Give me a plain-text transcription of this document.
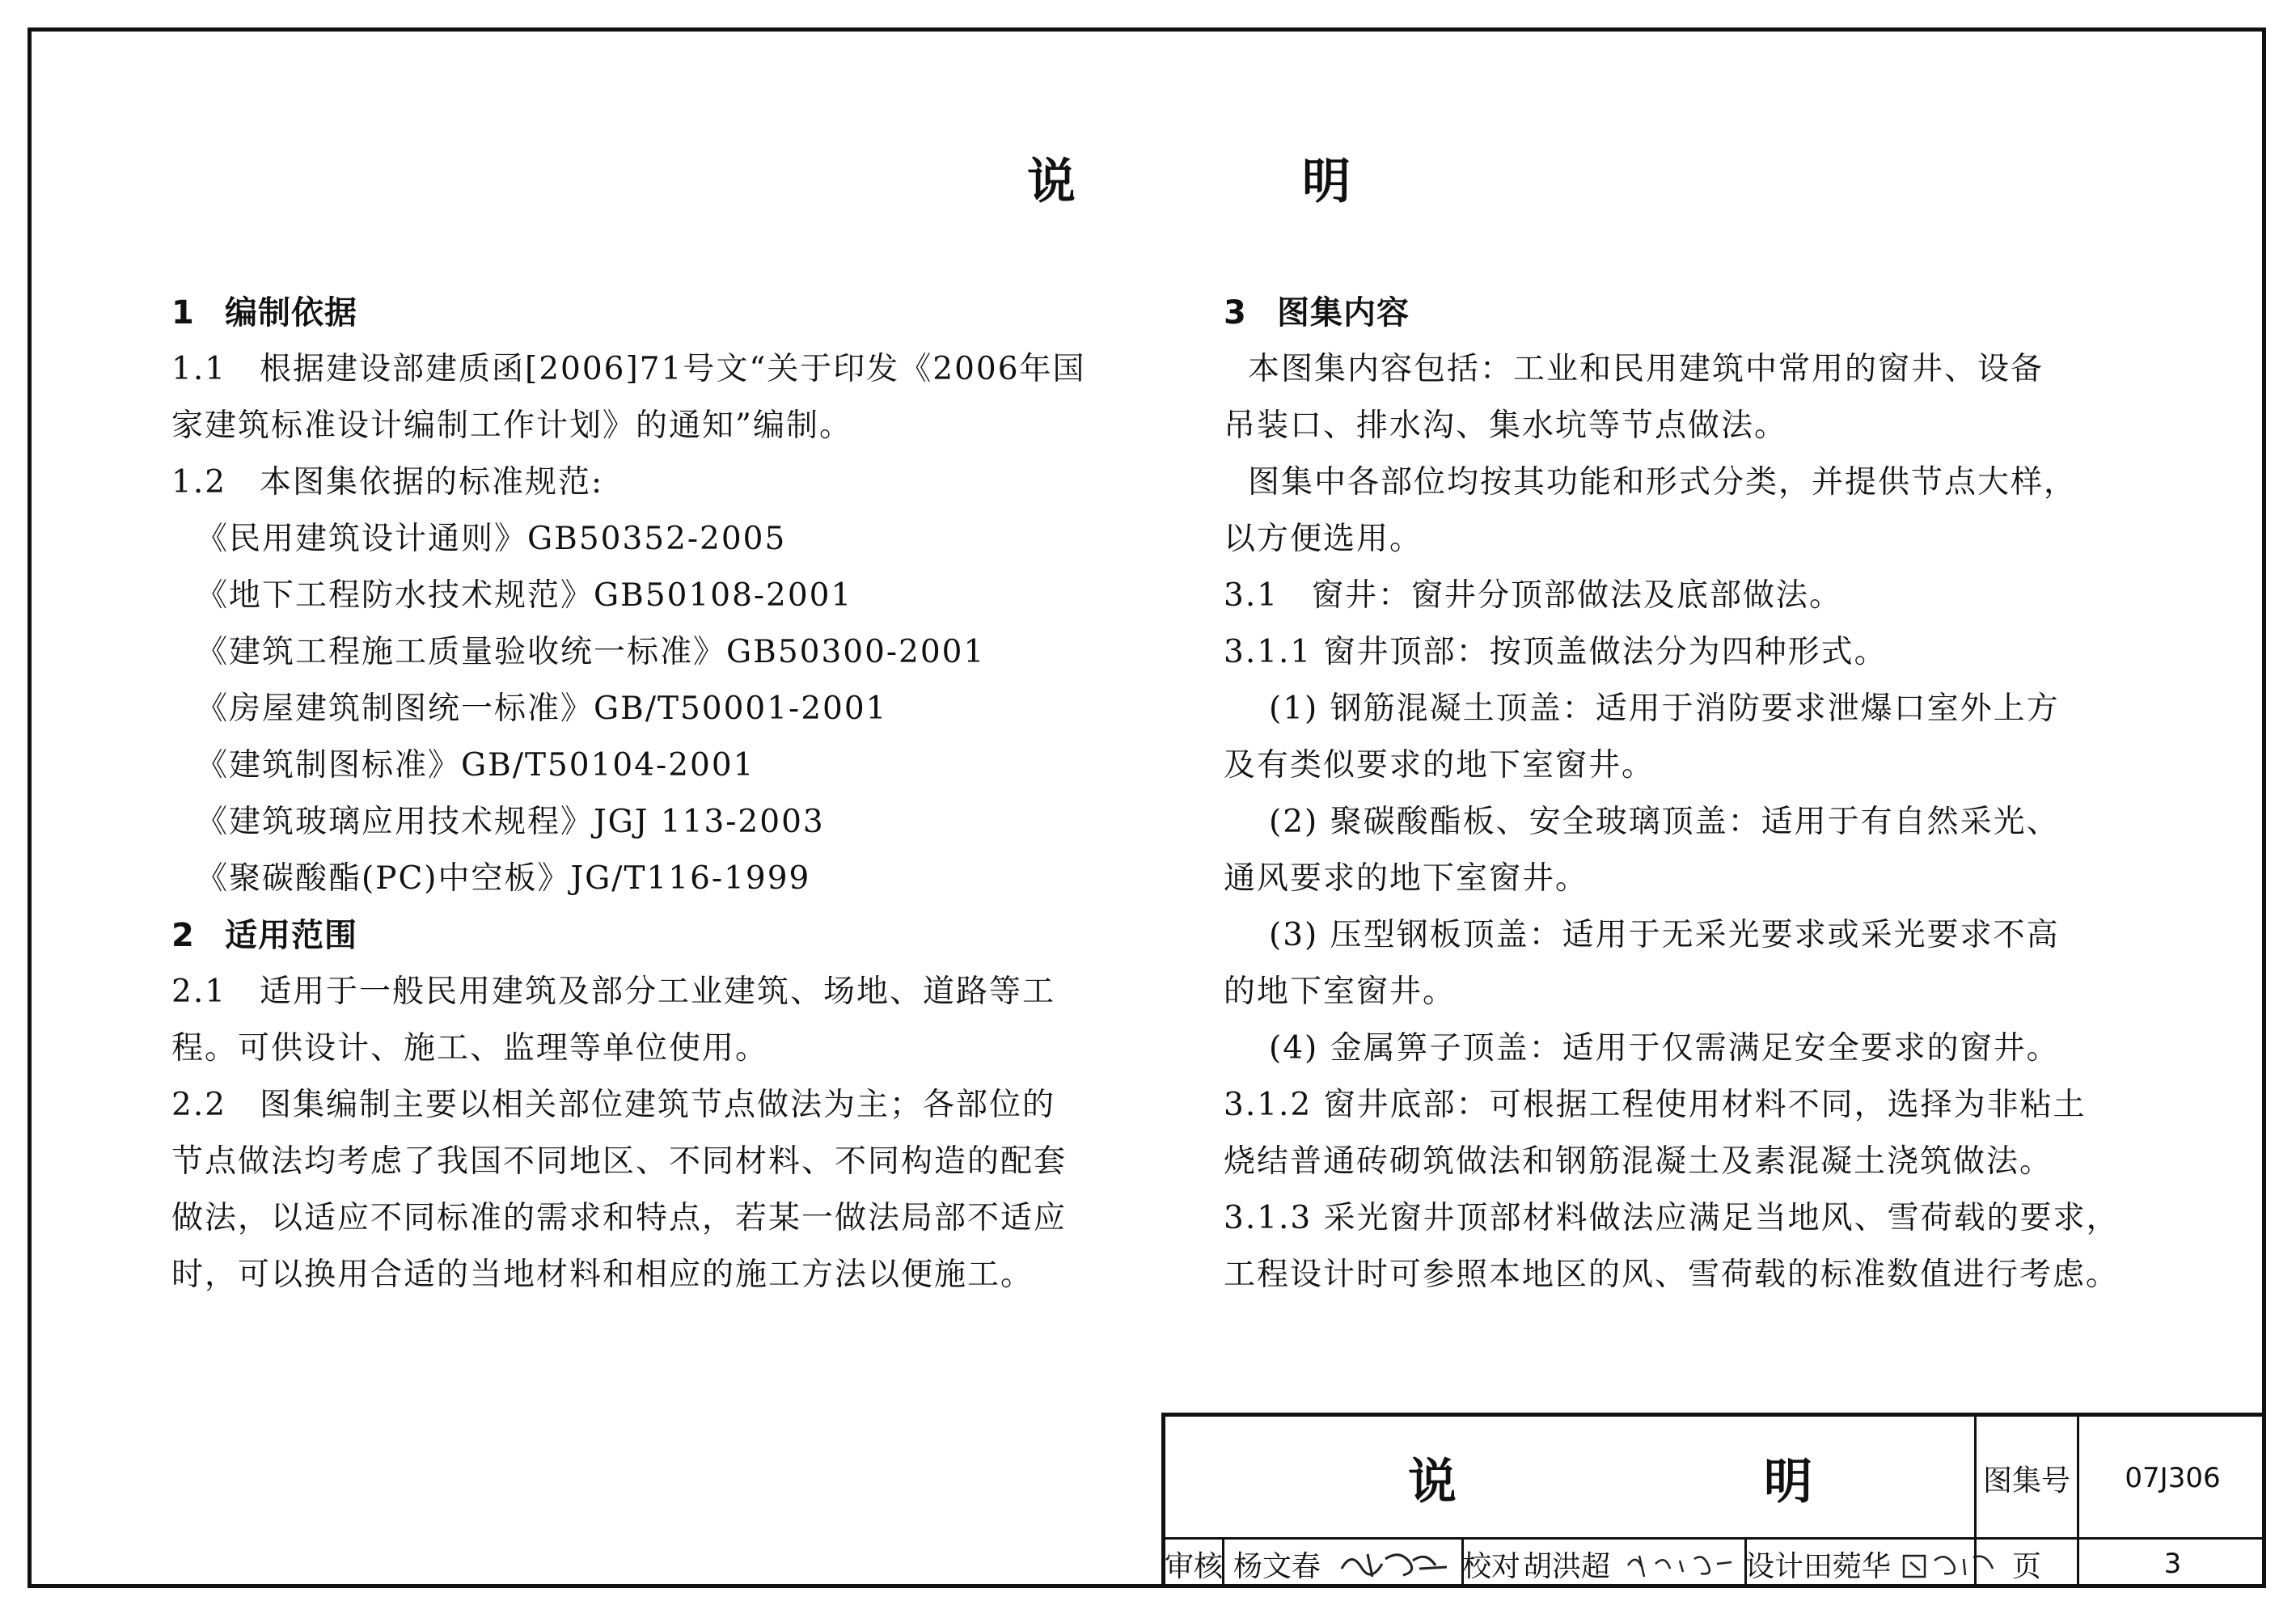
说	明
1 编制依据
1.1　根据建设部建质函[2006]71号文“关于印发《2006年国
家建筑标准设计编制工作计划》的通知”编制。
1.2　本图集依据的标准规范:
《民用建筑设计通则》GB50352-2005
《地下工程防水技术规范》GB50108-2001
《建筑工程施工质量验收统一标准》GB50300-2001
《房屋建筑制图统一标准》GB/T50001-2001
《建筑制图标准》GB/T50104-2001
《建筑玻璃应用技术规程》JGJ 113-2003
《聚碳酸酯(PC)中空板》JG/T116-1999
2 适用范围
2.1　适用于一般民用建筑及部分工业建筑、场地、道路等工
程。可供设计、施工、监理等单位使用。
2.2　图集编制主要以相关部位建筑节点做法为主；各部位的
节点做法均考虑了我国不同地区、不同材料、不同构造的配套
做法，以适应不同标准的需求和特点，若某一做法局部不适应
时，可以换用合适的当地材料和相应的施工方法以便施工。
3 图集内容
本图集内容包括：工业和民用建筑中常用的窗井、设备
吊装口、排水沟、集水坑等节点做法。
图集中各部位均按其功能和形式分类，并提供节点大样，
以方便选用。
3.1　窗井：窗井分顶部做法及底部做法。
3.1.1 窗井顶部：按顶盖做法分为四种形式。
(1) 钢筋混凝土顶盖：适用于消防要求泄爆口室外上方
及有类似要求的地下室窗井。
(2) 聚碳酸酯板、安全玻璃顶盖：适用于有自然采光、
通风要求的地下室窗井。
(3) 压型钢板顶盖：适用于无采光要求或采光要求不高
的地下室窗井。
(4) 金属箅子顶盖：适用于仅需满足安全要求的窗井。
3.1.2 窗井底部：可根据工程使用材料不同，选择为非粘土
烧结普通砖砌筑做法和钢筋混凝土及素混凝土浇筑做法。
3.1.3 采光窗井顶部材料做法应满足当地风、雪荷载的要求，
工程设计时可参照本地区的风、雪荷载的标准数值进行考虑。
说	明	图集号	07J306
审核 杨文春	校对 胡洪超	设计 田菀华	页	3
